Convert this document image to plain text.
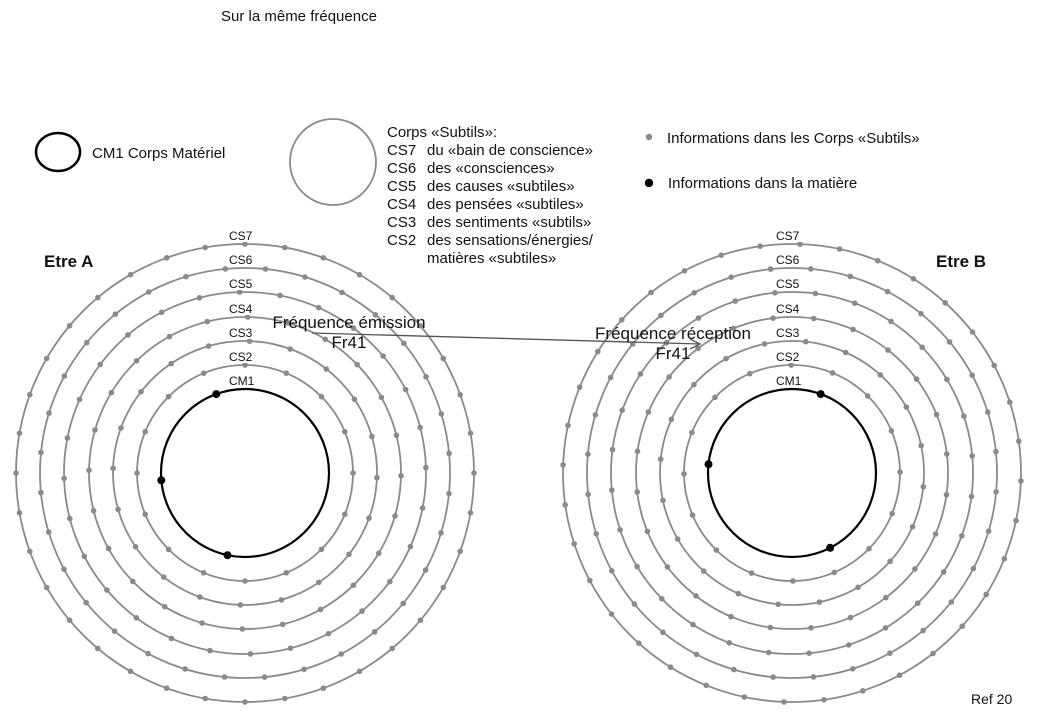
CS7
CS6
CS5
CS4
CS3
CS2
CM1
CS7
CS6
CS5
CS4
CS3
CS2
CM1
Sur la même fréquence
CM1 Corps Matériel
Corps «Subtils»:
CS7 du «bain de conscience»
CS6 des «consciences»
CS5 des causes «subtiles»
CS4 des pensées «subtiles»
CS3 des sentiments «subtils»
CS2 des sensations/énergies/
matières «subtiles»
Informations dans les Corps «Subtils»
Informations dans la matière
Etre A	Etre B
Fréquence émission
Fr41	Fréquence réception
Fr41
Ref 20
